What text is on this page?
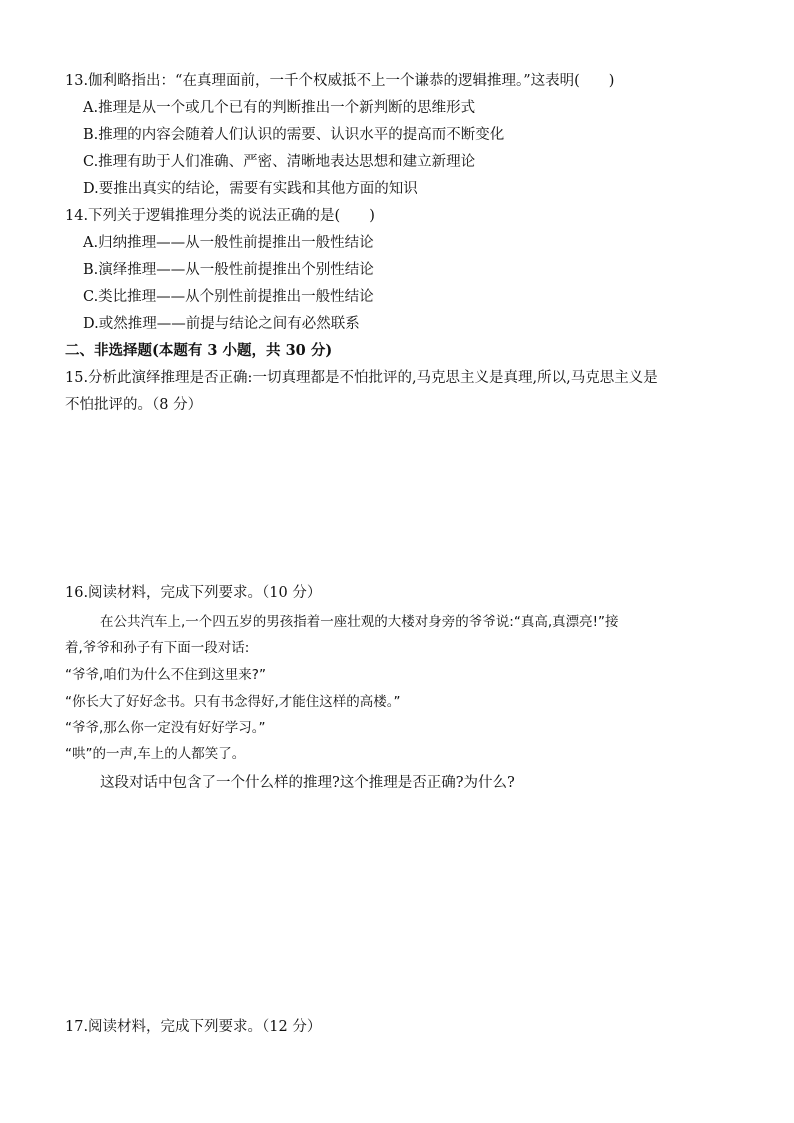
13.伽利略指出：“在真理面前，一千个权威抵不上一个谦恭的逻辑推理。”这表明(　　)
A.推理是从一个或几个已有的判断推出一个新判断的思维形式
B.推理的内容会随着人们认识的需要、认识水平的提高而不断变化
C.推理有助于人们准确、严密、清晰地表达思想和建立新理论
D.要推出真实的结论，需要有实践和其他方面的知识
14.下列关于逻辑推理分类的说法正确的是(　　)
A.归纳推理——从一般性前提推出一般性结论
B.演绎推理——从一般性前提推出个别性结论
C.类比推理——从个别性前提推出一般性结论
D.或然推理——前提与结论之间有必然联系
二、非选择题(本题有 3 小题，共 30 分)
15.分析此演绎推理是否正确:一切真理都是不怕批评的,马克思主义是真理,所以,马克思主义是
不怕批评的。（8 分）
16.阅读材料，完成下列要求。（10 分）
在公共汽车上,一个四五岁的男孩指着一座壮观的大楼对身旁的爷爷说:“真高,真漂亮!”接
着,爷爷和孙子有下面一段对话:
“爷爷,咱们为什么不住到这里来?”
“你长大了好好念书。只有书念得好,才能住这样的高楼。”
“爷爷,那么你一定没有好好学习。”
“哄”的一声,车上的人都笑了。
这段对话中包含了一个什么样的推理?这个推理是否正确?为什么?
17.阅读材料，完成下列要求。（12 分）
